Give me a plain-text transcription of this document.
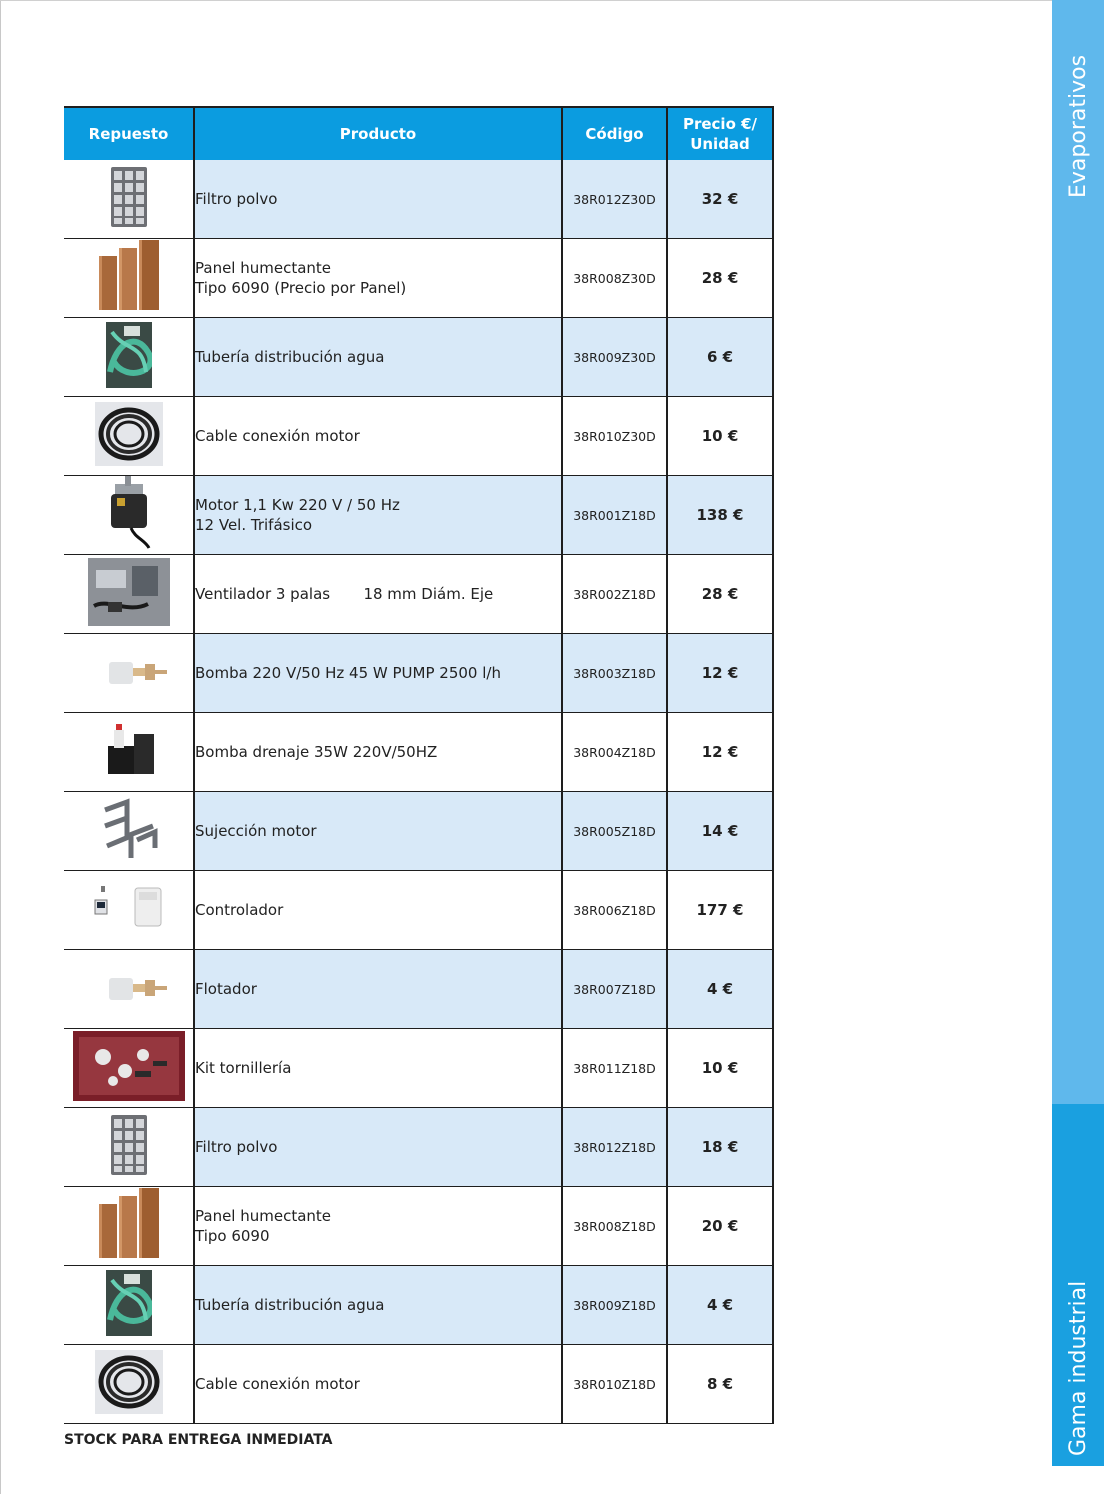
Evaporativos
Gama industrial
Repuesto	Producto	Código	Precio €/
Unidad
	Filtro polvo	38R012Z30D	32 €
	Panel humectante
Tipo 6090 (Precio por Panel)	38R008Z30D	28 €
	Tubería distribución agua	38R009Z30D	6 €
	Cable conexión motor	38R010Z30D	10 €
	Motor 1,1 Kw 220 V / 50 Hz
12 Vel. Trifásico	38R001Z18D	138 €
	Ventilador 3 palas       18 mm Diám. Eje	38R002Z18D	28 €
	Bomba 220 V/50 Hz 45 W PUMP 2500 l/h	38R003Z18D	12 €
	Bomba drenaje 35W 220V/50HZ	38R004Z18D	12 €
	Sujección motor	38R005Z18D	14 €
	Controlador	38R006Z18D	177 €
	Flotador	38R007Z18D	4 €
	Kit tornillería	38R011Z18D	10 €
	Filtro polvo	38R012Z18D	18 €
	Panel humectante
Tipo 6090	38R008Z18D	20 €
	Tubería distribución agua	38R009Z18D	4 €
	Cable conexión motor	38R010Z18D	8 €
STOCK PARA ENTREGA INMEDIATA
